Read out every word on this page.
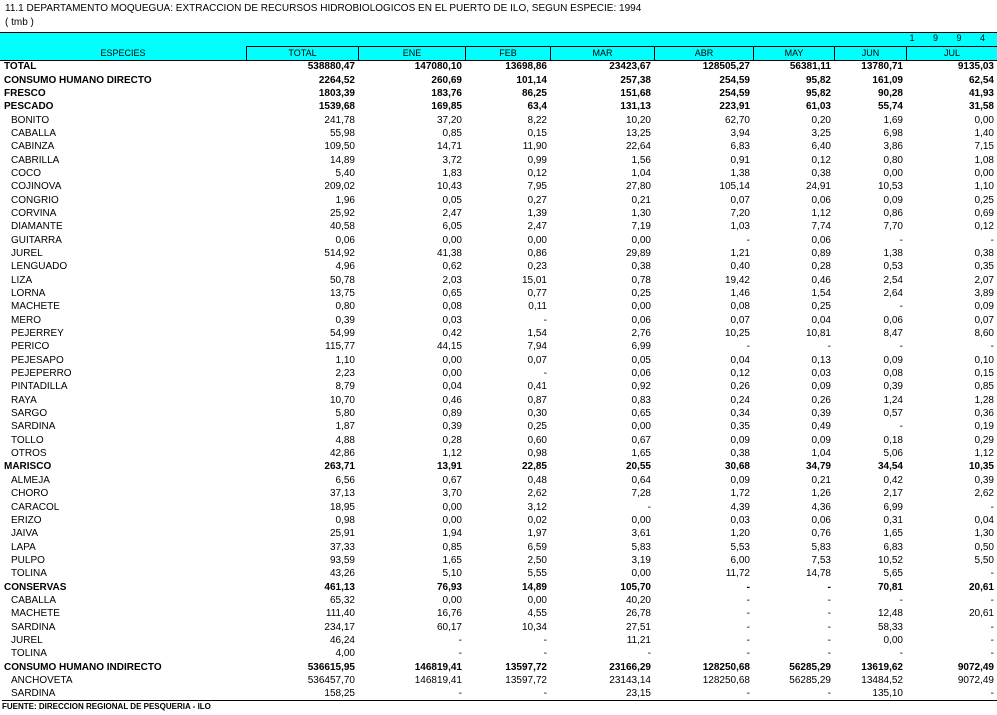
11.1 DEPARTAMENTO MOQUEGUA: EXTRACCION DE RECURSOS HIDROBIOLOGICOS EN EL PUERTO DE ILO, SEGUN ESPECIE: 1994
( tmb )
1 9 9 4
ESPECIES	TOTAL	ENE	FEB	MAR	ABR	MAY	JUN	JUL
TOTAL	538880,47	147080,10	13698,86	23423,67	128505,27	56381,11	13780,71	9135,03
CONSUMO HUMANO DIRECTO	2264,52	260,69	101,14	257,38	254,59	95,82	161,09	62,54
FRESCO	1803,39	183,76	86,25	151,68	254,59	95,82	90,28	41,93
PESCADO	1539,68	169,85	63,4	131,13	223,91	61,03	55,74	31,58
BONITO	241,78	37,20	8,22	10,20	62,70	0,20	1,69	0,00
CABALLA	55,98	0,85	0,15	13,25	3,94	3,25	6,98	1,40
CABINZA	109,50	14,71	11,90	22,64	6,83	6,40	3,86	7,15
CABRILLA	14,89	3,72	0,99	1,56	0,91	0,12	0,80	1,08
COCO	5,40	1,83	0,12	1,04	1,38	0,38	0,00	0,00
COJINOVA	209,02	10,43	7,95	27,80	105,14	24,91	10,53	1,10
CONGRIO	1,96	0,05	0,27	0,21	0,07	0,06	0,09	0,25
CORVINA	25,92	2,47	1,39	1,30	7,20	1,12	0,86	0,69
DIAMANTE	40,58	6,05	2,47	7,19	1,03	7,74	7,70	0,12
GUITARRA	0,06	0,00	0,00	0,00	-	0,06	-	-
JUREL	514,92	41,38	0,86	29,89	1,21	0,89	1,38	0,38
LENGUADO	4,96	0,62	0,23	0,38	0,40	0,28	0,53	0,35
LIZA	50,78	2,03	15,01	0,78	19,42	0,46	2,54	2,07
LORNA	13,75	0,65	0,77	0,25	1,46	1,54	2,64	3,89
MACHETE	0,80	0,08	0,11	0,00	0,08	0,25	-	0,09
MERO	0,39	0,03	-	0,06	0,07	0,04	0,06	0,07
PEJERREY	54,99	0,42	1,54	2,76	10,25	10,81	8,47	8,60
PERICO	115,77	44,15	7,94	6,99	-	-	-	-
PEJESAPO	1,10	0,00	0,07	0,05	0,04	0,13	0,09	0,10
PEJEPERRO	2,23	0,00	-	0,06	0,12	0,03	0,08	0,15
PINTADILLA	8,79	0,04	0,41	0,92	0,26	0,09	0,39	0,85
RAYA	10,70	0,46	0,87	0,83	0,24	0,26	1,24	1,28
SARGO	5,80	0,89	0,30	0,65	0,34	0,39	0,57	0,36
SARDINA	1,87	0,39	0,25	0,00	0,35	0,49	-	0,19
TOLLO	4,88	0,28	0,60	0,67	0,09	0,09	0,18	0,29
OTROS	42,86	1,12	0,98	1,65	0,38	1,04	5,06	1,12
MARISCO	263,71	13,91	22,85	20,55	30,68	34,79	34,54	10,35
ALMEJA	6,56	0,67	0,48	0,64	0,09	0,21	0,42	0,39
CHORO	37,13	3,70	2,62	7,28	1,72	1,26	2,17	2,62
CARACOL	18,95	0,00	3,12	-	4,39	4,36	6,99	-
ERIZO	0,98	0,00	0,02	0,00	0,03	0,06	0,31	0,04
JAIVA	25,91	1,94	1,97	3,61	1,20	0,76	1,65	1,30
LAPA	37,33	0,85	6,59	5,83	5,53	5,83	6,83	0,50
PULPO	93,59	1,65	2,50	3,19	6,00	7,53	10,52	5,50
TOLINA	43,26	5,10	5,55	0,00	11,72	14,78	5,65	-
CONSERVAS	461,13	76,93	14,89	105,70	-	-	70,81	20,61
CABALLA	65,32	0,00	0,00	40,20	-	-	-	-
MACHETE	111,40	16,76	4,55	26,78	-	-	12,48	20,61
SARDINA	234,17	60,17	10,34	27,51	-	-	58,33	-
JUREL	46,24	-	-	11,21	-	-	0,00	-
TOLINA	4,00	-	-	-	-	-	-	-
CONSUMO HUMANO INDIRECTO	536615,95	146819,41	13597,72	23166,29	128250,68	56285,29	13619,62	9072,49
ANCHOVETA	536457,70	146819,41	13597,72	23143,14	128250,68	56285,29	13484,52	9072,49
SARDINA	158,25	-	-	23,15	-	-	135,10	-
FUENTE: DIRECCION REGIONAL DE PESQUERIA - ILO
